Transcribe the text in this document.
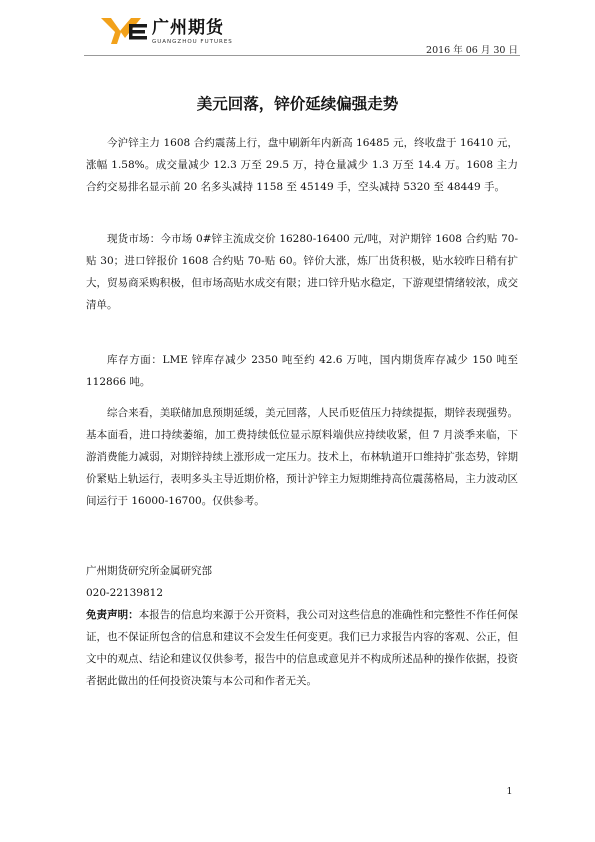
广州期货
GUANGZHOU FUTURES
2016 年 06 月 30 日
美元回落，锌价延续偏强走势

今沪锌主力 1608 合约震荡上行，盘中刷新年内新高 16485 元，终收盘于 16410 元，涨幅 1.58%。成交量减少 12.3 万至 29.5 万，持仓量减少 1.3 万至 14.4 万。1608 主力合约交易排名显示前 20 名多头减持 1158 至 45149 手，空头减持 5320 至 48449 手。

现货市场：今市场 0#锌主流成交价 16280-16400 元/吨，对沪期锌 1608 合约贴 70-贴 30；进口锌报价 1608 合约贴 70-贴 60。锌价大涨，炼厂出货积极，贴水较昨日稍有扩大，贸易商采购积极，但市场高贴水成交有限；进口锌升贴水稳定，下游观望情绪较浓，成交清单。

库存方面：LME 锌库存减少 2350 吨至约 42.6 万吨，国内期货库存减少 150 吨至 112866 吨。

综合来看，美联储加息预期延缓，美元回落，人民币贬值压力持续提振，期锌表现强势。基本面看，进口持续萎缩，加工费持续低位显示原料端供应持续收紧，但 7 月淡季来临，下游消费能力减弱，对期锌持续上涨形成一定压力。技术上，布林轨道开口维持扩张态势，锌期价紧贴上轨运行，表明多头主导近期价格，预计沪锌主力短期维持高位震荡格局，主力波动区间运行于 16000-16700。仅供参考。

广州期货研究所金属研究部
020-22139812

免责声明：本报告的信息均来源于公开资料，我公司对这些信息的准确性和完整性不作任何保证，也不保证所包含的信息和建议不会发生任何变更。我们已力求报告内容的客观、公正，但文中的观点、结论和建议仅供参考，报告中的信息或意见并不构成所述品种的操作依据，投资者据此做出的任何投资决策与本公司和作者无关。

1
